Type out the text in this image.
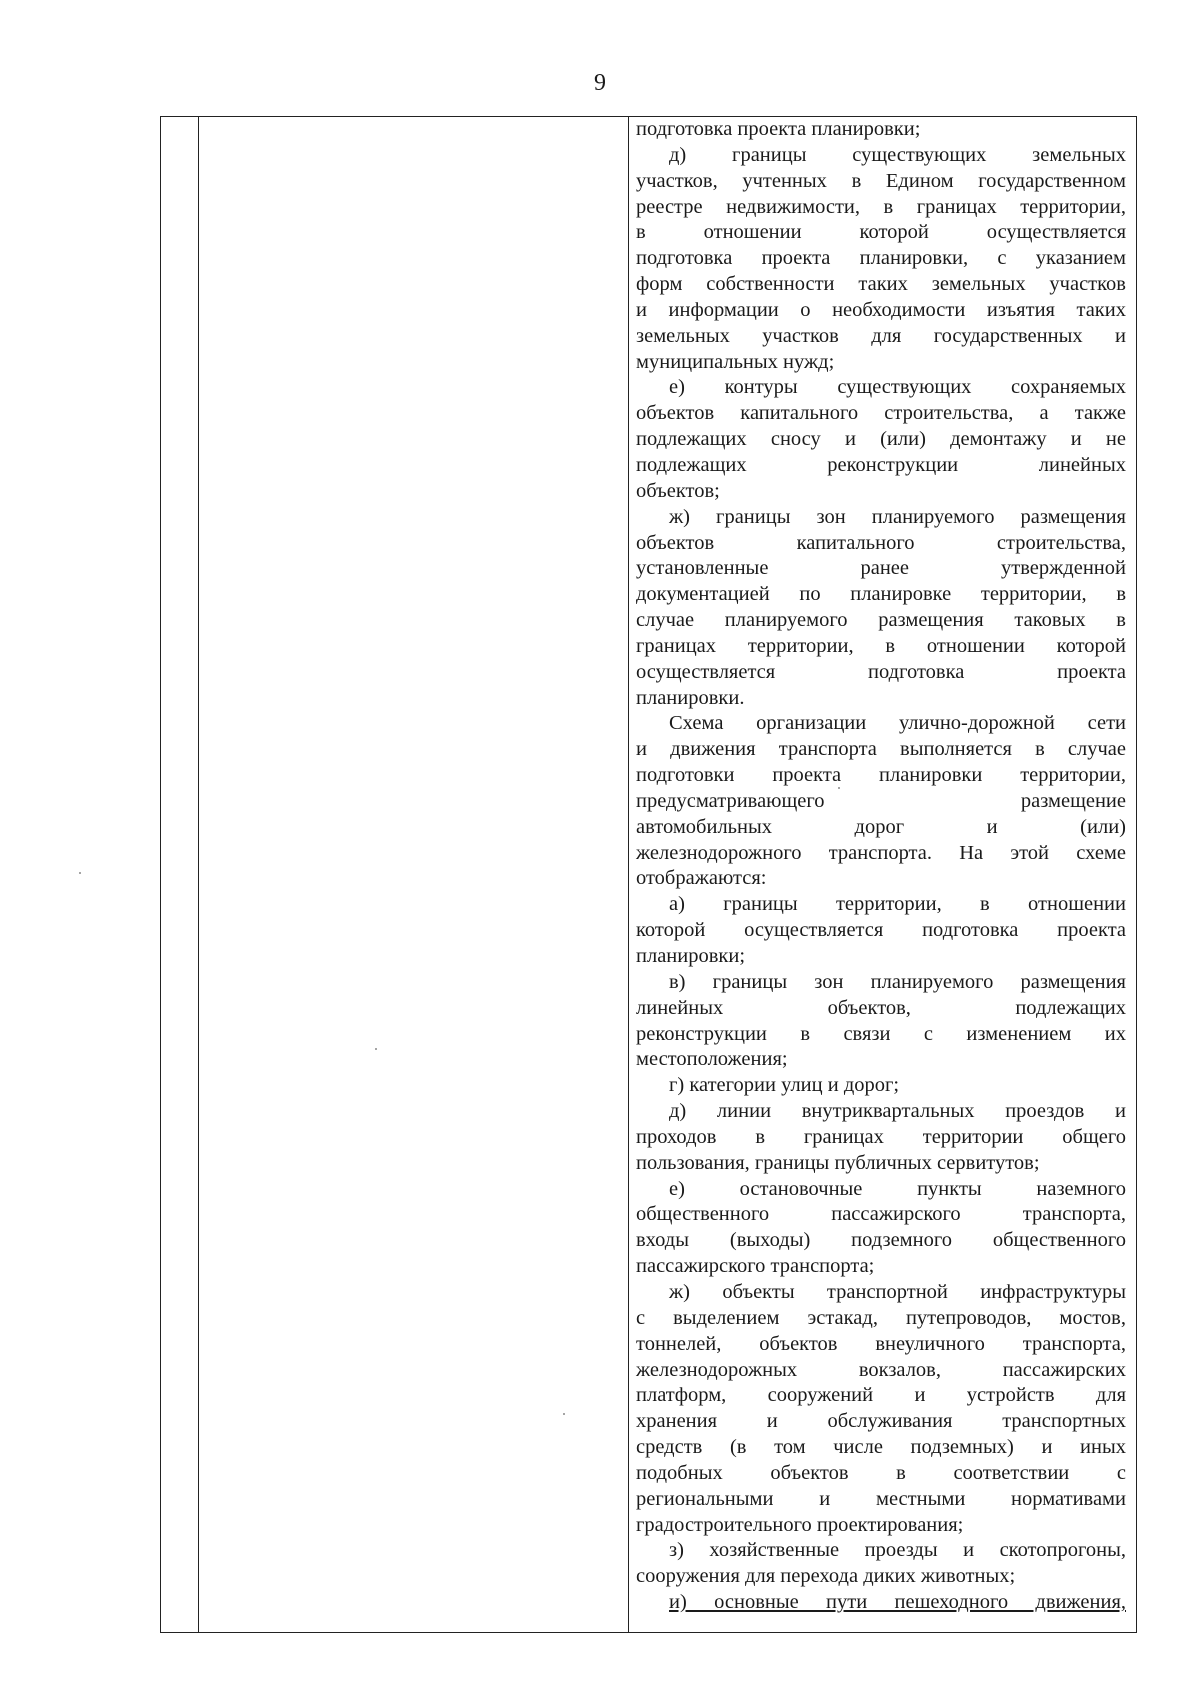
9
подготовка проекта планировки;
д) границы существующих земельных
участков, учтенных в Едином государственном
реестре недвижимости, в границах территории,
в отношении которой осуществляется
подготовка проекта планировки, с указанием
форм собственности таких земельных участков
и информации о необходимости изъятия таких
земельных участков для государственных и
муниципальных нужд;
е) контуры существующих сохраняемых
объектов капитального строительства, а также
подлежащих сносу и (или) демонтажу и не
подлежащих реконструкции линейных
объектов;
ж) границы зон планируемого размещения
объектов капитального строительства,
установленные ранее утвержденной
документацией по планировке территории, в
случае планируемого размещения таковых в
границах территории, в отношении которой
осуществляется подготовка проекта
планировки.
Схема организации улично-дорожной сети
и движения транспорта выполняется в случае
подготовки проекта планировки территории,
предусматривающего размещение
автомобильных дорог и (или)
железнодорожного транспорта. На этой схеме
отображаются:
а) границы территории, в отношении
которой осуществляется подготовка проекта
планировки;
в) границы зон планируемого размещения
линейных объектов, подлежащих
реконструкции в связи с изменением их
местоположения;
г) категории улиц и дорог;
д) линии внутриквартальных проездов и
проходов в границах территории общего
пользования, границы публичных сервитутов;
е) остановочные пункты наземного
общественного пассажирского транспорта,
входы (выходы) подземного общественного
пассажирского транспорта;
ж) объекты транспортной инфраструктуры
с выделением эстакад, путепроводов, мостов,
тоннелей, объектов внеуличного транспорта,
железнодорожных вокзалов, пассажирских
платформ, сооружений и устройств для
хранения и обслуживания транспортных
средств (в том числе подземных) и иных
подобных объектов в соответствии с
региональными и местными нормативами
градостроительного проектирования;
з) хозяйственные проезды и скотопрогоны,
сооружения для перехода диких животных;
и) основные пути пешеходного движения,
